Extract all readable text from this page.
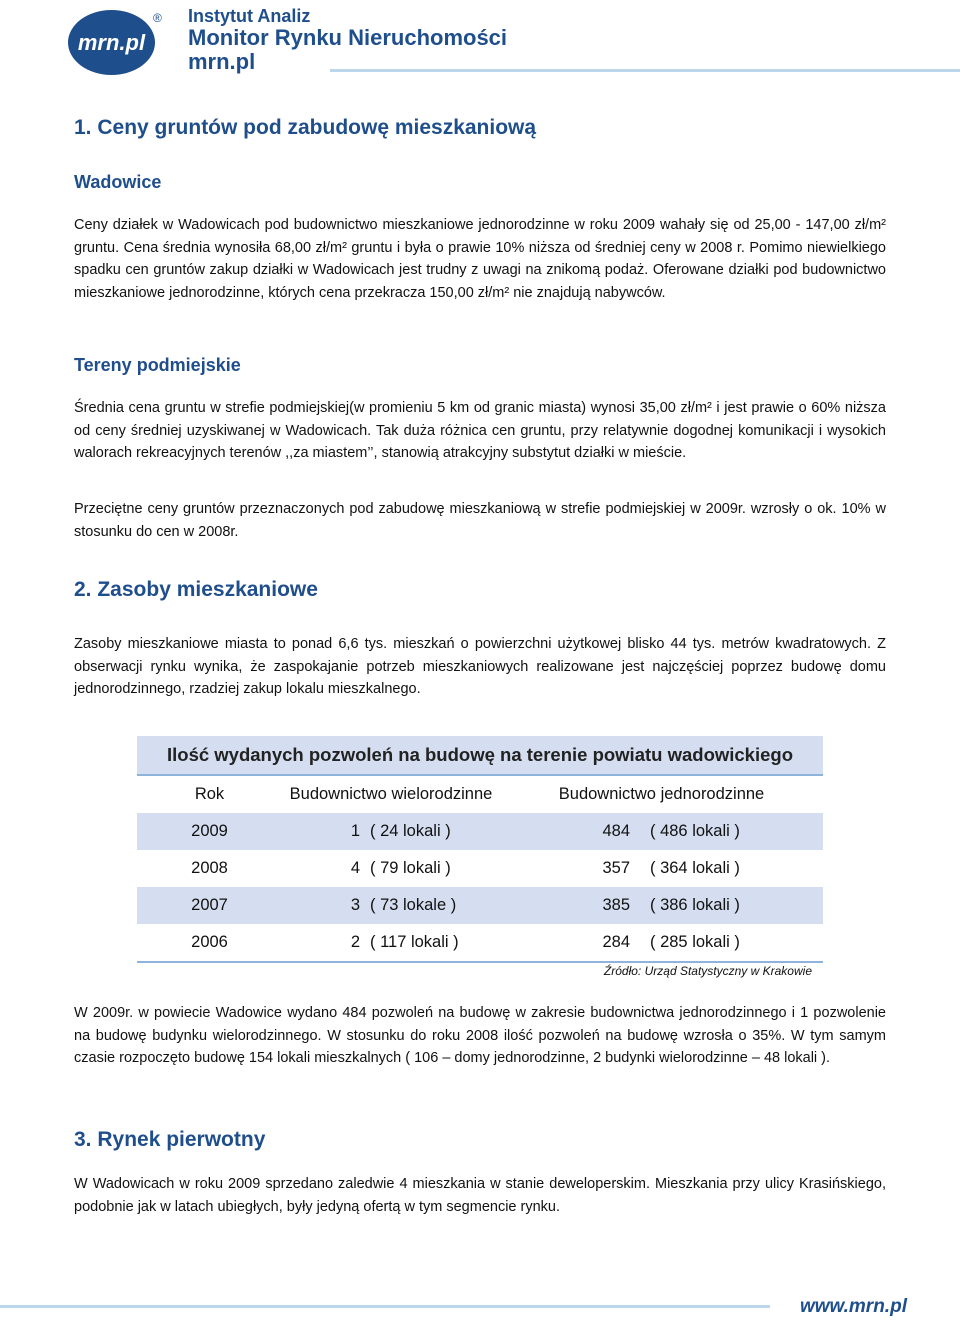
mrn.pl
® Instytut Analiz
Monitor Rynku Nieruchomości
mrn.pl
1. Ceny gruntów pod zabudowę mieszkaniową
Wadowice

Ceny działek w Wadowicach pod budownictwo mieszkaniowe jednorodzinne w roku 2009 wahały się od 25,00 - 147,00 zł/m² gruntu. Cena średnia wynosiła 68,00 zł/m² gruntu i była o prawie 10% niższa od średniej ceny w 2008 r. Pomimo niewielkiego spadku cen gruntów zakup działki w Wadowicach jest trudny z uwagi na znikomą podaż. Oferowane działki pod budownictwo mieszkaniowe jednorodzinne, których cena przekracza 150,00 zł/m² nie znajdują nabywców.

Tereny podmiejskie

Średnia cena gruntu w strefie podmiejskiej(w promieniu 5 km od granic miasta) wynosi 35,00 zł/m² i jest prawie o 60% niższa od ceny średniej uzyskiwanej w Wadowicach. Tak duża różnica cen gruntu, przy relatywnie dogodnej komunikacji i wysokich walorach rekreacyjnych terenów ,,za miastem’’, stanowią atrakcyjny substytut działki w mieście.

Przeciętne ceny gruntów przeznaczonych pod zabudowę mieszkaniową w strefie podmiejskiej w 2009r. wzrosły o ok. 10% w stosunku do cen w 2008r.

2. Zasoby mieszkaniowe

Zasoby mieszkaniowe miasta to ponad 6,6 tys. mieszkań o powierzchni użytkowej blisko 44 tys. metrów kwadratowych. Z obserwacji rynku wynika, że zaspokajanie potrzeb mieszkaniowych realizowane jest najczęściej poprzez budowę domu jednorodzinnego, rzadziej zakup lokalu mieszkalnego.

Ilość wydanych pozwoleń na budowę na terenie powiatu wadowickiego				
Rok	Budownictwo wielorodzinne		Budownictwo jednorodzinne	
2009	1	( 24 lokali )	484	( 486 lokali )
2008	4	( 79 lokali )	357	( 364 lokali )
2007	3	( 73 lokale )	385	( 386 lokali )
2006	2	( 117 lokali )	284	( 285 lokali )
Źródło: Urząd Statystyczny w Krakowie

W 2009r. w powiecie Wadowice wydano 484 pozwoleń na budowę w zakresie budownictwa jednorodzinnego i 1 pozwolenie na budowę budynku wielorodzinnego. W stosunku do roku 2008 ilość pozwoleń na budowę wzrosła o 35%. W tym samym czasie rozpoczęto budowę 154 lokali mieszkalnych ( 106 – domy jednorodzinne, 2 budynki wielorodzinne – 48 lokali ).

3. Rynek pierwotny

W Wadowicach w roku 2009 sprzedano zaledwie 4 mieszkania w stanie deweloperskim. Mieszkania przy ulicy Krasińskiego, podobnie jak w latach ubiegłych, były jedyną ofertą w tym segmencie rynku.

www.mrn.pl
